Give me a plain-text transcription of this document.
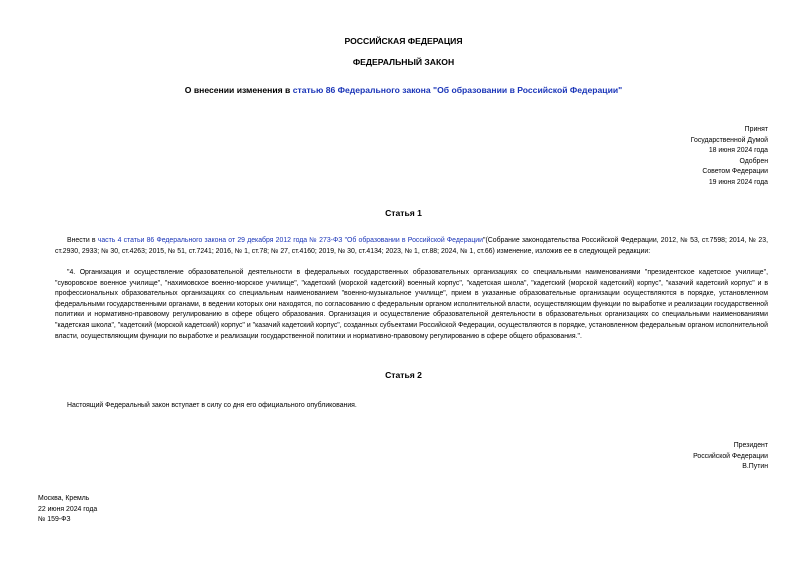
РОССИЙСКАЯ ФЕДЕРАЦИЯ
ФЕДЕРАЛЬНЫЙ ЗАКОН
О внесении изменения в статью 86 Федерального закона "Об образовании в Российской Федерации"
Принят
Государственной Думой
18 июня 2024 года
Одобрен
Советом Федерации
19 июня 2024 года
Статья 1
Внести в часть 4 статьи 86 Федерального закона от 29 декабря 2012 года № 273-ФЗ "Об образовании в Российской Федерации"(Собрание законодательства Российской Федерации, 2012, № 53, ст.7598; 2014, № 23, ст.2930, 2933; № 30, ст.4263; 2015, № 51, ст.7241; 2016, № 1, ст.78; № 27, ст.4160; 2019, № 30, ст.4134; 2023, № 1, ст.88; 2024, № 1, ст.66) изменение, изложив ее в следующей редакции:
"4. Организация и осуществление образовательной деятельности в федеральных государственных образовательных организациях со специальными наименованиями "президентское кадетское училище", "суворовское военное училище", "нахимовское военно-морское училище", "кадетский (морской кадетский) военный корпус", "кадетская школа", "кадетский (морской кадетский) корпус", "казачий кадетский корпус" и в профессиональных образовательных организациях со специальным наименованием "военно-музыкальное училище", прием в указанные образовательные организации осуществляются в порядке, установленном федеральными государственными органами, в ведении которых они находятся, по согласованию с федеральным органом исполнительной власти, осуществляющим функции по выработке и реализации государственной политики и нормативно-правовому регулированию в сфере общего образования. Организация и осуществление образовательной деятельности в образовательных организациях со специальными наименованиями "кадетская школа", "кадетский (морской кадетский) корпус" и "казачий кадетский корпус", созданных субъектами Российской Федерации, осуществляются в порядке, установленном федеральным органом исполнительной власти, осуществляющим функции по выработке и реализации государственной политики и нормативно-правовому регулированию в сфере общего образования.".
Статья 2
Настоящий Федеральный закон вступает в силу со дня его официального опубликования.
Президент
Российской Федерации
В.Путин
Москва, Кремль
22 июня 2024 года
№ 159-ФЗ
